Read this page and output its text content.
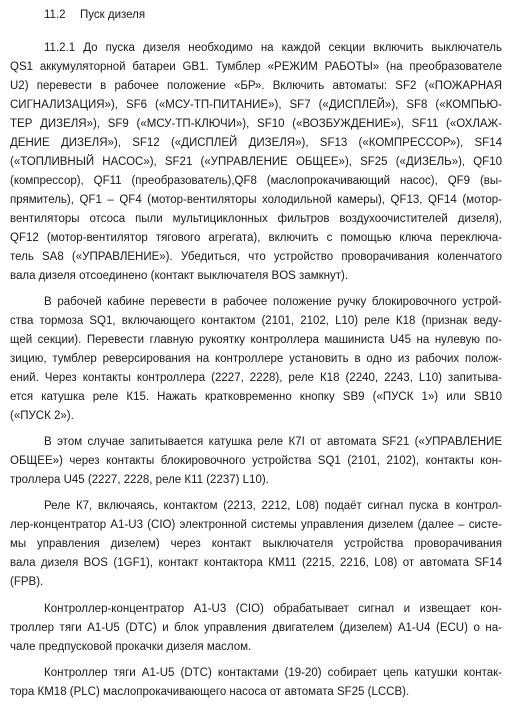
11.2 Пуск дизеля
11.2.1 До пуска дизеля необходимо на каждой секции включить выключатель
QS1 аккумуляторной батареи GB1. Тумблер «РЕЖИМ РАБОТЫ» (на преобразователе
U2) перевести в рабочее положение «БР». Включить автоматы: SF2 («ПОЖАРНАЯ
СИГНАЛИЗАЦИЯ»), SF6 («МСУ-ТП-ПИТАНИЕ»), SF7 («ДИСПЛЕЙ»), SF8 («КОМПЬЮ-
ТЕР ДИЗЕЛЯ»), SF9 («МСУ-ТП-КЛЮЧИ»), SF10 («ВОЗБУЖДЕНИЕ»), SF11 («ОХЛАЖ-
ДЕНИЕ ДИЗЕЛЯ»), SF12 («ДИСПЛЕЙ ДИЗЕЛЯ»), SF13 («КОМПРЕССОР»), SF14
(«ТОПЛИВНЫЙ НАСОС»), SF21 («УПРАВЛЕНИЕ ОБЩЕЕ»), SF25 («ДИЗЕЛЬ»), QF10
(компрессор), QF11 (преобразователь),QF8 (маслопрокачивающий насос), QF9 (вы-
прямитель), QF1 – QF4 (мотор-вентиляторы холодильной камеры), QF13, QF14 (мотор-
вентиляторы отсоса пыли мультициклонных фильтров воздухоочистителей дизеля),
QF12 (мотор-вентилятор тягового агрегата), включить с помощью ключа переключа-
тель SA8 («УПРАВЛЕНИЕ»). Убедиться, что устройство проворачивания коленчатого
вала дизеля отсоединено (контакт выключателя BOS замкнут).
В рабочей кабине перевести в рабочее положение ручку блокировочного устрой-
ства тормоза SQ1, включающего контактом (2101, 2102, L10) реле К18 (признак веду-
щей секции). Перевести главную рукоятку контроллера машиниста U45 на нулевую по-
зицию, тумблер реверсирования на контроллере установить в одно из рабочих полож-
ений. Через контакты контроллера (2227, 2228), реле К18 (2240, 2243, L10) запитыва-
ется катушка реле К15. Нажать кратковременно кнопку SB9 («ПУСК 1») или SB10
(«ПУСК 2»).
В этом случае запитывается катушка реле К7І от автомата SF21 («УПРАВЛЕНИЕ
ОБЩЕЕ») через контакты блокировочного устройства SQ1 (2101, 2102), контакты кон-
троллера U45 (2227, 2228, реле К11 (2237) L10).
Реле К7, включаясь, контактом (2213, 2212, L08) подаёт сигнал пуска в контрол-
лер-концентратор A1-U3 (CIO) электронной системы управления дизелем (далее – систе-
мы управления дизелем) через контакт выключателя устройства проворачивания
вала дизеля BOS (1GF1), контакт контактора КМ11 (2215, 2216, L08) от автомата SF14
(FPB).
Контроллер-концентратор A1-U3 (CIO) обрабатывает сигнал и извещает кон-
троллер тяги A1-U5 (DTC) и блок управления двигателем (дизелем) A1-U4 (ECU) о на-
чале предпусковой прокачки дизеля маслом.
Контроллер тяги A1-U5 (DTC) контактами (19-20) собирает цепь катушки контак-
тора КМ18 (PLC) маслопрокачивающего насоса от автомата SF25 (LCCB).
